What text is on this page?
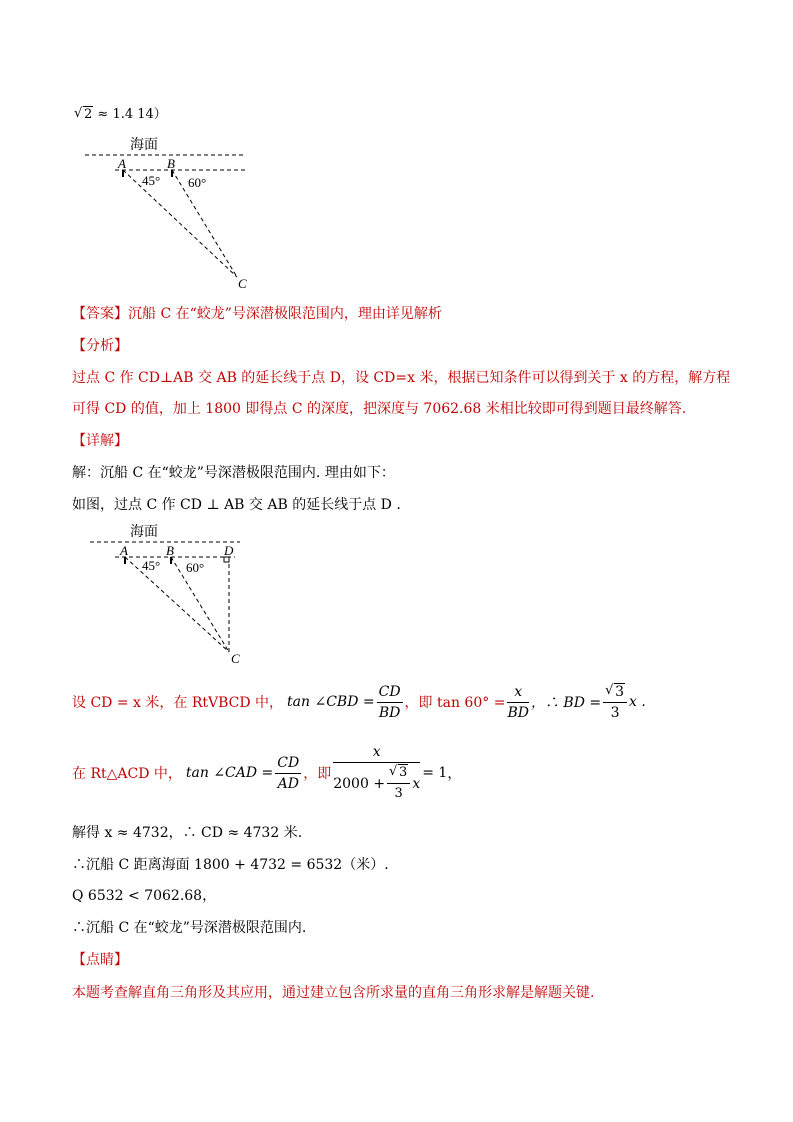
√ 2 ≈ 1.4 14）
海面
A	B
45° 60°
C
【答案】沉船 C 在“蛟龙”号深潜极限范围内，理由详见解析
【分析】
过点 C 作 CD⊥AB 交 AB 的延长线于点 D，设 CD=x 米，根据已知条件可以得到关于 x 的方程，解方程
可得 CD 的值，加上 1800 即得点 C 的深度，把深度与 7062.68 米相比较即可得到题目最终解答.
【详解】
解：沉船 C 在“蛟龙”号深潜极限范围内. 理由如下：
如图，过点 C 作 CD ⊥ AB 交 AB 的延长线于点 D .
海面
A	B	D
45° 60°
C
设 CD = x 米，在 RtVBCD 中， tan ∠CBD = $\frac{CD}{BD}$ ，即 $\tan 60^\circ = \frac{x}{BD}$ ，∴ BD =
√ $\frac{3}{3}$ x .
在 Rt△ACD 中， tan ∠CAD = $\frac{CD}{AD}$ ，即 x
2000 +
√ $\frac{3}{3}$ x = 1 ，
解得 x ≈ 4732，∴ CD ≈ 4732 米.
∴沉船 C 距离海面 1800 + 4732 = 6532（米）.
Q 6532 < 7062.68，
∴沉船 C 在“蛟龙”号深潜极限范围内.
【点睛】
本题考查解直角三角形及其应用，通过建立包含所求量的直角三角形求解是解题关键.
